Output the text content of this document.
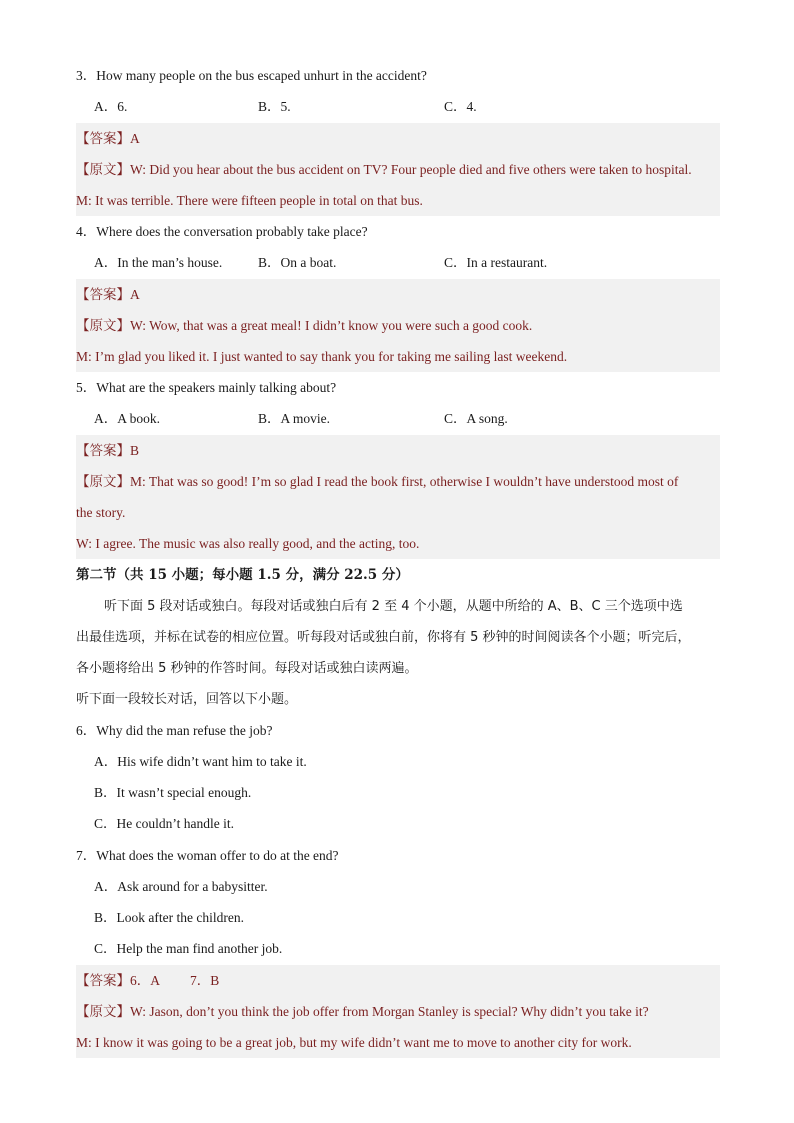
3．How many people on the bus escaped unhurt in the accident?
A．6.	B．5.	C．4.
【答案】A
【原文】W: Did you hear about the bus accident on TV? Four people died and five others were taken to hospital.
M: It was terrible. There were fifteen people in total on that bus.
4．Where does the conversation probably take place?
A．In the man’s house.	B．On a boat.	C．In a restaurant.
【答案】A
【原文】W: Wow, that was a great meal! I didn’t know you were such a good cook.
M: I’m glad you liked it. I just wanted to say thank you for taking me sailing last weekend.
5．What are the speakers mainly talking about?
A．A book.	B．A movie.	C．A song.
【答案】B
【原文】M: That was so good! I’m so glad I read the book first, otherwise I wouldn’t have understood most of
the story.
W: I agree. The music was also really good, and the acting, too.
第二节（共 15 小题；每小题 1.5 分，满分 22.5 分）
听下面 5 段对话或独白。每段对话或独白后有 2 至 4 个小题，从题中所给的 A、B、C 三个选项中选
出最佳选项，并标在试卷的相应位置。听每段对话或独白前，你将有 5 秒钟的时间阅读各个小题；听完后，
各小题将给出 5 秒钟的作答时间。每段对话或独白读两遍。
听下面一段较长对话，回答以下小题。
6．Why did the man refuse the job?
A．His wife didn’t want him to take it.
B．It wasn’t special enough.
C．He couldn’t handle it.
7．What does the woman offer to do at the end?
A．Ask around for a babysitter.
B．Look after the children.
C．Help the man find another job.
【答案】6．A 7．B
【原文】W: Jason, don’t you think the job offer from Morgan Stanley is special? Why didn’t you take it?
M: I know it was going to be a great job, but my wife didn’t want me to move to another city for work.
